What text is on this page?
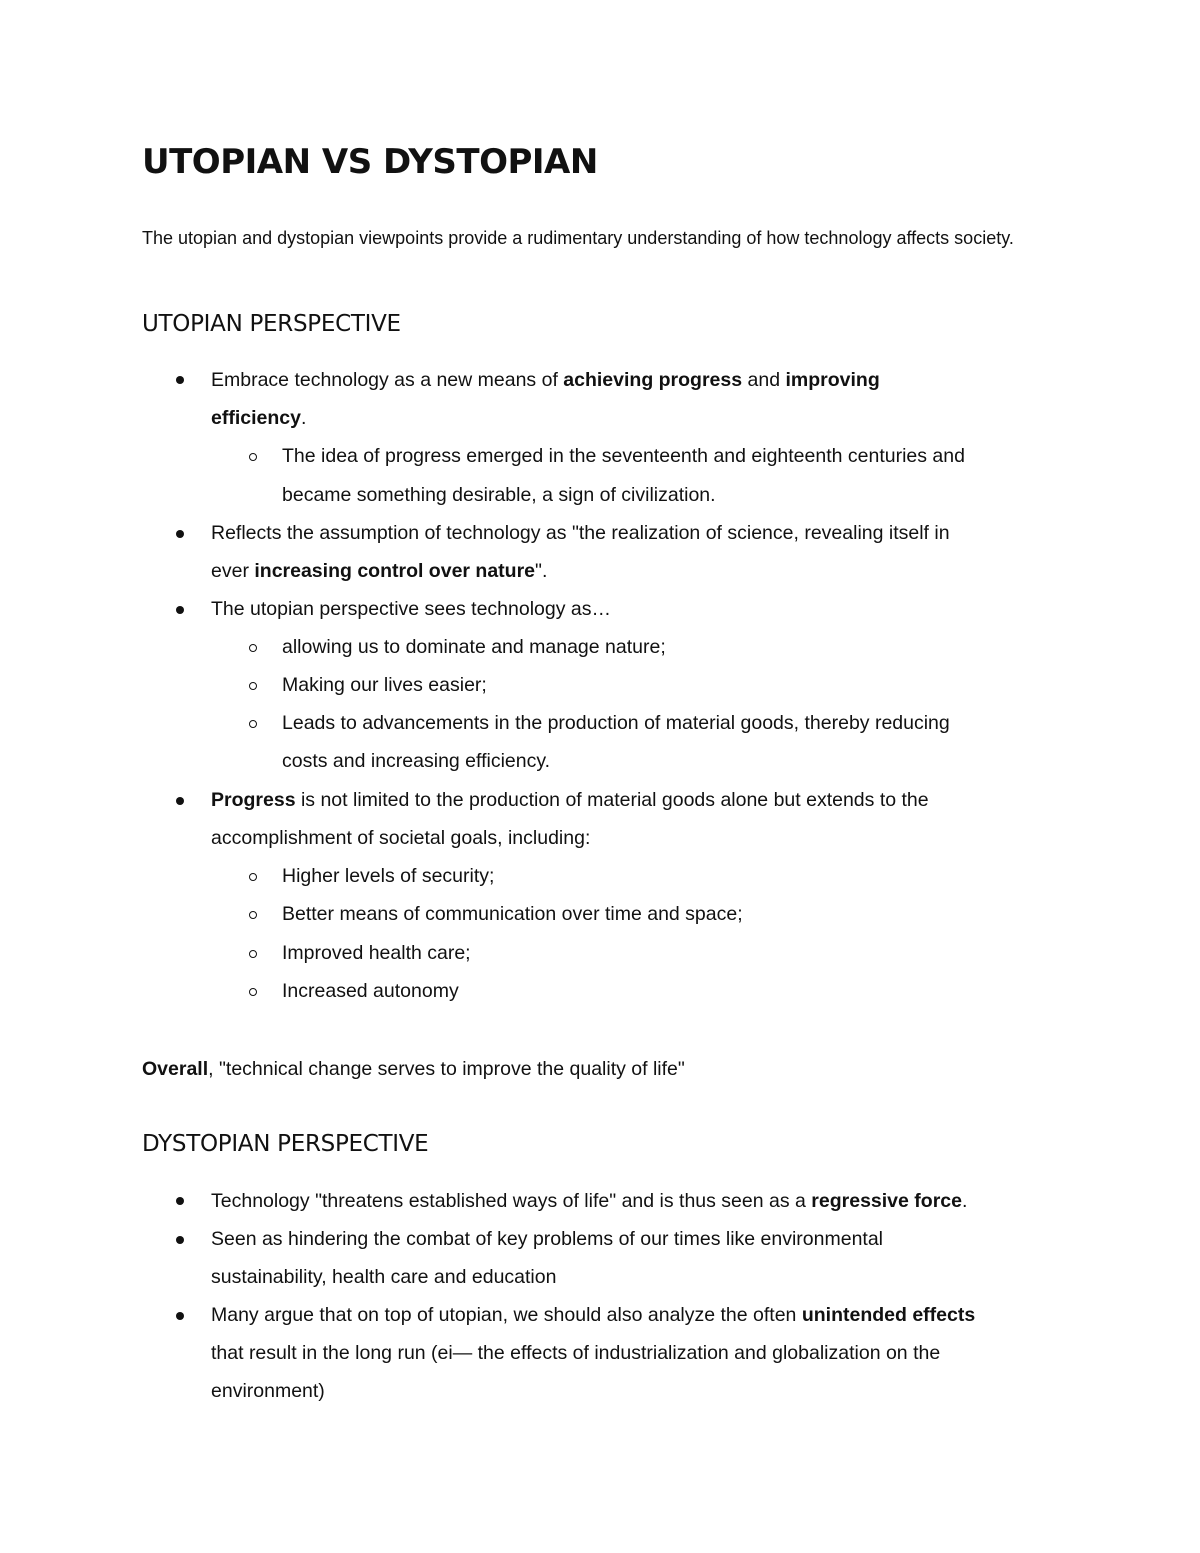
UTOPIAN VS DYSTOPIAN

The utopian and dystopian viewpoints provide a rudimentary understanding of how technology affects society.

UTOPIAN PERSPECTIVE

Embrace technology as a new means of achieving progress and improving

efficiency.

The idea of progress emerged in the seventeenth and eighteenth centuries and

became something desirable, a sign of civilization.

Reflects the assumption of technology as "the realization of science, revealing itself in

ever increasing control over nature".

The utopian perspective sees technology as…

allowing us to dominate and manage nature;

Making our lives easier;

Leads to advancements in the production of material goods, thereby reducing

costs and increasing efficiency.

Progress is not limited to the production of material goods alone but extends to the

accomplishment of societal goals, including:

Higher levels of security;

Better means of communication over time and space;

Improved health care;

Increased autonomy

Overall, "technical change serves to improve the quality of life"

DYSTOPIAN PERSPECTIVE

Technology "threatens established ways of life" and is thus seen as a regressive force.

Seen as hindering the combat of key problems of our times like environmental

sustainability, health care and education

Many argue that on top of utopian, we should also analyze the often unintended effects

that result in the long run (ei— the effects of industrialization and globalization on the

environment)
